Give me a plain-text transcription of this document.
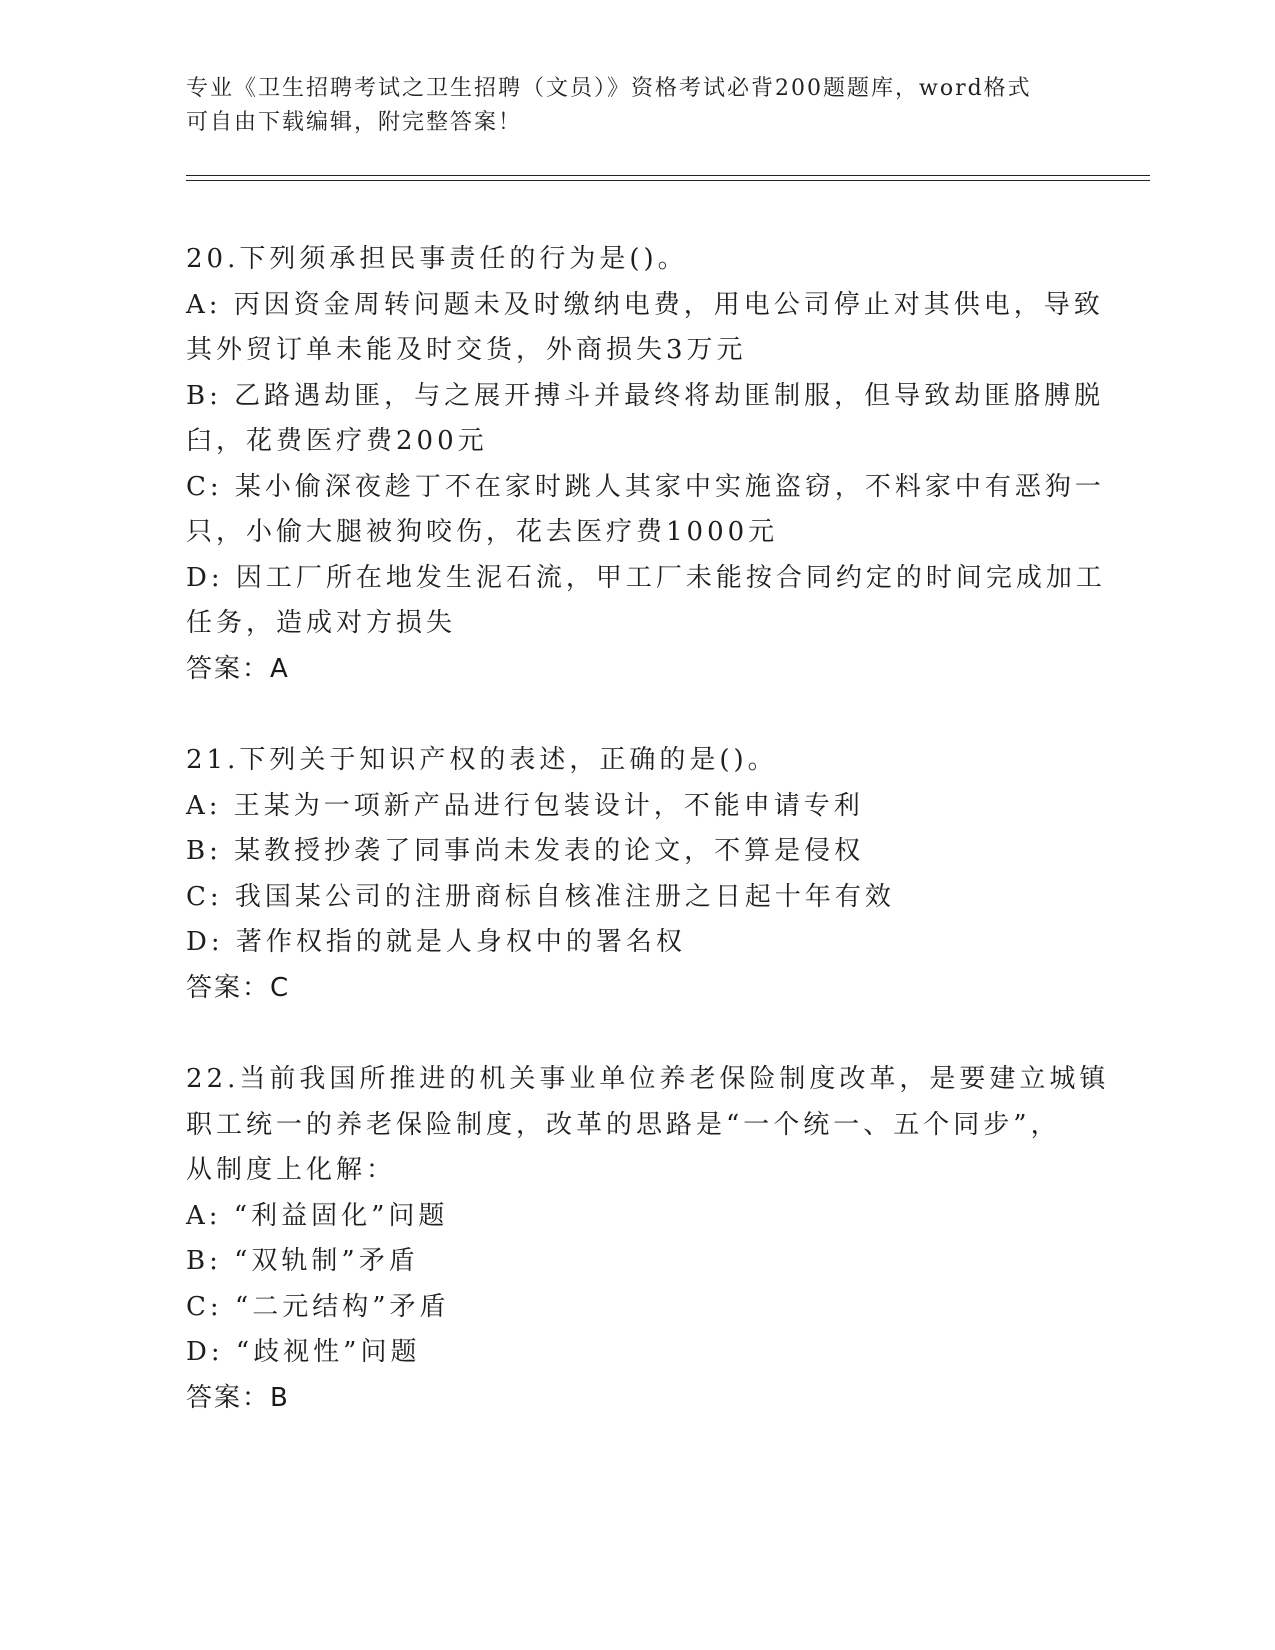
专业《卫生招聘考试之卫生招聘（文员）》资格考试必背200题题库，word格式
可自由下载编辑，附完整答案！
20.下列须承担民事责任的行为是()。
A: 丙因资金周转问题未及时缴纳电费，用电公司停止对其供电，导致
其外贸订单未能及时交货，外商损失3万元
B: 乙路遇劫匪，与之展开搏斗并最终将劫匪制服，但导致劫匪胳膊脱
臼，花费医疗费200元
C: 某小偷深夜趁丁不在家时跳人其家中实施盗窃，不料家中有恶狗一
只，小偷大腿被狗咬伤，花去医疗费1000元
D: 因工厂所在地发生泥石流，甲工厂未能按合同约定的时间完成加工
任务，造成对方损失
答案：A
21.下列关于知识产权的表述，正确的是()。
A: 王某为一项新产品进行包装设计，不能申请专利
B: 某教授抄袭了同事尚未发表的论文，不算是侵权
C: 我国某公司的注册商标自核准注册之日起十年有效
D: 著作权指的就是人身权中的署名权
答案：C
22.当前我国所推进的机关事业单位养老保险制度改革，是要建立城镇
职工统一的养老保险制度，改革的思路是“一个统一、五个同步”，
从制度上化解：
A: “利益固化”问题
B: “双轨制”矛盾
C: “二元结构”矛盾
D: “歧视性”问题
答案：B
